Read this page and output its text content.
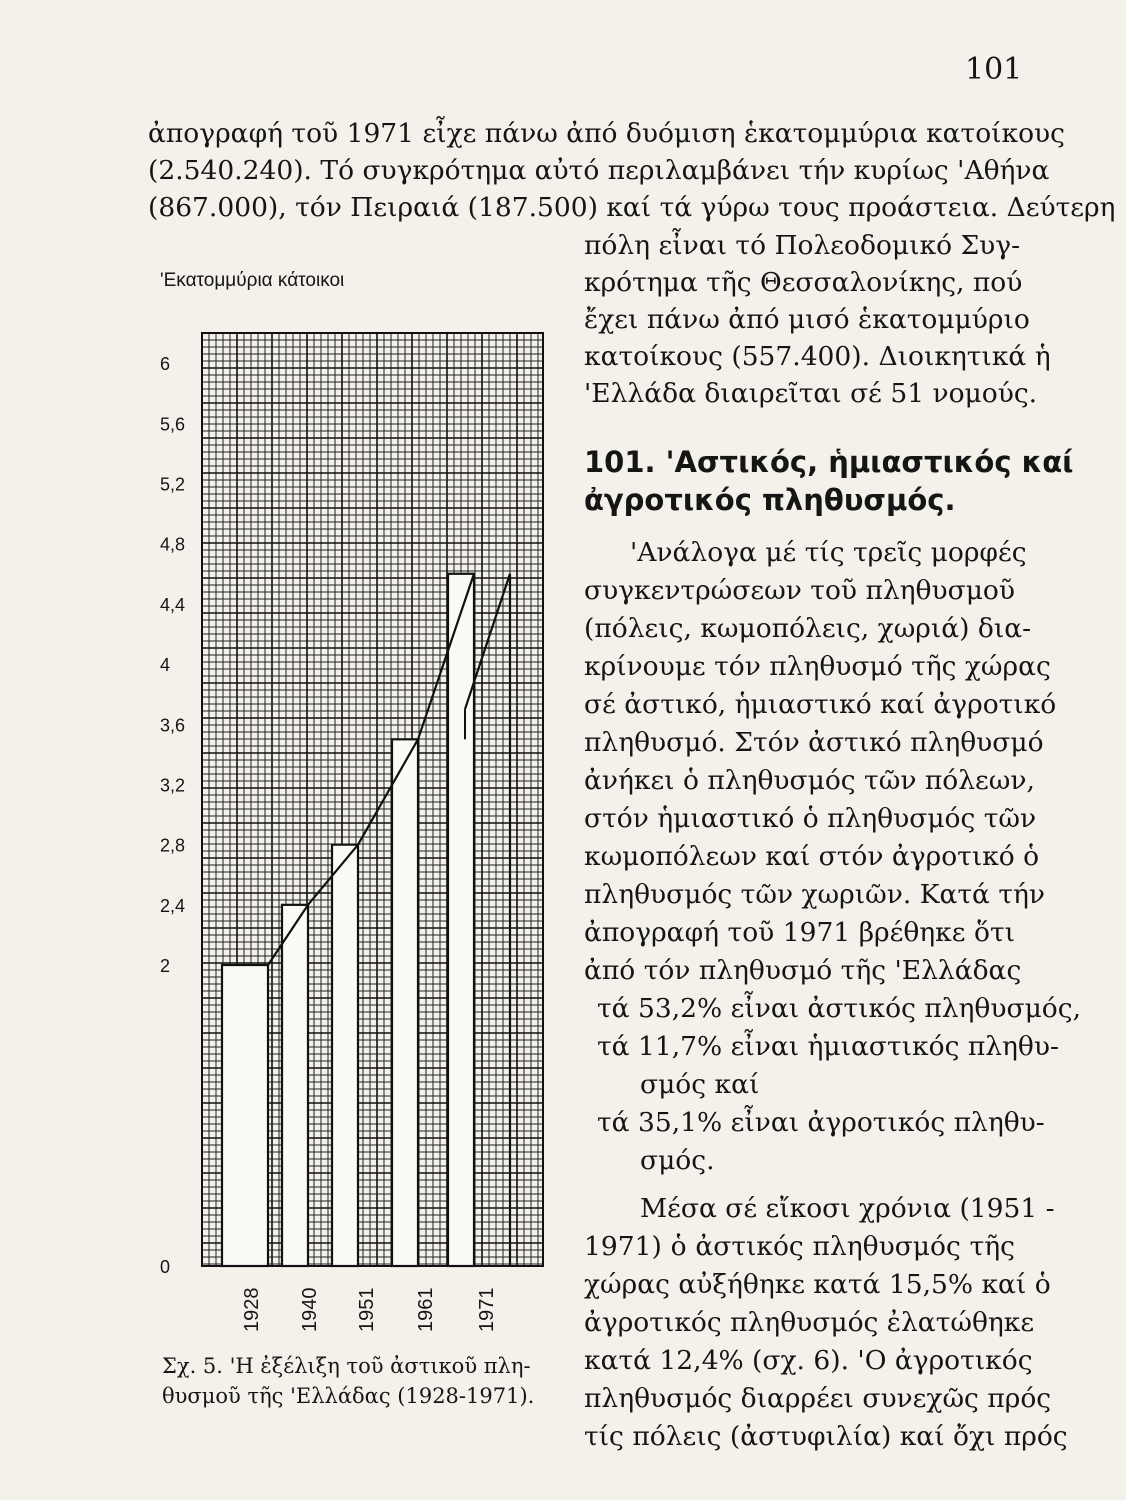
101
ἀπογραφή τοῦ 1971 εἶχε πάνω ἀπό δυόμιση ἑκατομμύρια κατοίκους
(2.540.240). Τό συγκρότημα αὐτό περιλαμβάνει τήν κυρίως 'Αθήνα
(867.000), τόν Πειραιά (187.500) καί τά γύρω τους προάστεια. Δεύτερη
πόλη εἶναι τό Πολεοδομικό Συγ-
κρότημα τῆς Θεσσαλονίκης, πού
ἔχει πάνω ἀπό μισό ἑκατομμύριο
κατοίκους (557.400). Διοικητικά ἡ
'Ελλάδα διαιρεῖται σέ 51 νομούς.
101. 'Αστικός, ἡμιαστικός καί
ἀγροτικός πληθυσμός.
'Ανάλογα μέ τίς τρεῖς μορφές
συγκεντρώσεων τοῦ πληθυσμοῦ
(πόλεις, κωμοπόλεις, χωριά) δια-
κρίνουμε τόν πληθυσμό τῆς χώρας
σέ ἀστικό, ἡμιαστικό καί ἀγροτικό
πληθυσμό. Στόν ἀστικό πληθυσμό
ἀνήκει ὁ πληθυσμός τῶν πόλεων,
στόν ἡμιαστικό ὁ πληθυσμός τῶν
κωμοπόλεων καί στόν ἀγροτικό ὁ
πληθυσμός τῶν χωριῶν. Κατά τήν
ἀπογραφή τοῦ 1971 βρέθηκε ὅτι
ἀπό τόν πληθυσμό τῆς 'Ελλάδας
τά 53,2% εἶναι ἀστικός πληθυσμός,
τά 11,7% εἶναι ἡμιαστικός πληθυ-
σμός καί
τά 35,1% εἶναι ἀγροτικός πληθυ-
σμός.
Μέσα σέ εἴκοσι χρόνια (1951 -
1971) ὁ ἀστικός πληθυσμός τῆς
χώρας αὐξήθηκε κατά 15,5% καί ὁ
ἀγροτικός πληθυσμός ἐλατώθηκε
κατά 12,4% (σχ. 6). 'Ο ἀγροτικός
πληθυσμός διαρρέει συνεχῶς πρός
τίς πόλεις (ἀστυφιλία) καί ὄχι πρός
'Εκατομμύρια κάτοικοι
0
2
2,4
2,8
3,2
3,6
4
4,4
4,8
5,2
5,6
6
1928 1940 1951 1961 1971
Σχ. 5. 'Η ἐξέλιξη τοῦ ἀστικοῦ πλη-
θυσμοῦ τῆς 'Ελλάδας (1928-1971).
